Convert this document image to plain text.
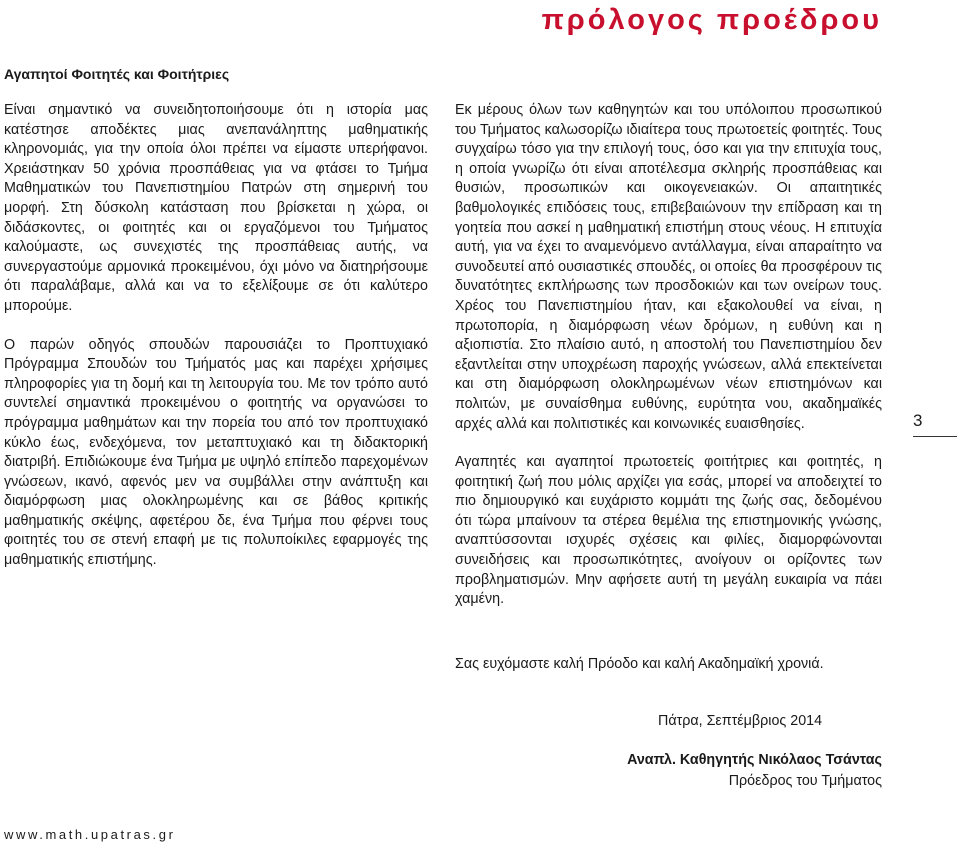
πρόλογος προέδρου

Αγαπητοί Φοιτητές και Φοιτήτριες

Είναι σημαντικό να συνειδητοποιήσουμε ότι η ιστορία μας κατέστησε αποδέκτες μιας ανεπανάληπτης μαθηματικής κληρονομιάς, για την οποία όλοι πρέπει να είμαστε υπερήφανοι. Χρειάστηκαν 50 χρόνια προσπάθειας για να φτάσει το Τμήμα Μαθηματικών του Πανεπιστημίου Πατρών στη σημερινή του μορφή. Στη δύσκολη κατάσταση που βρίσκεται η χώρα, οι διδάσκοντες, οι φοιτητές και οι εργαζόμενοι του Τμήματος καλούμαστε, ως συνεχιστές της προσπάθειας αυτής, να συνεργαστούμε αρμονικά προκειμένου, όχι μόνο να διατηρήσουμε ότι παραλάβαμε, αλλά και να το εξελίξουμε σε ότι καλύτερο μπορούμε.

Ο παρών οδηγός σπουδών παρουσιάζει το Προπτυχιακό Πρόγραμμα Σπουδών του Τμήματός μας και παρέχει χρήσιμες πληροφορίες για τη δομή και τη λειτουργία του. Με τον τρόπο αυτό συντελεί σημαντικά προκειμένου ο φοιτητής να οργανώσει το πρόγραμμα μαθημάτων και την πορεία του από τον προπτυχιακό κύκλο έως, ενδεχόμενα, τον μεταπτυχιακό και τη διδακτορική διατριβή. Επιδιώκουμε ένα Τμήμα με υψηλό επίπεδο παρεχομένων γνώσεων, ικανό, αφενός μεν να συμβάλλει στην ανάπτυξη και διαμόρφωση μιας ολοκληρωμένης και σε βάθος κριτικής μαθηματικής σκέψης, αφετέρου δε, ένα Τμήμα που φέρνει τους φοιτητές του σε στενή επαφή με τις πολυποίκιλες εφαρμογές της μαθηματικής επιστήμης.

Εκ μέρους όλων των καθηγητών και του υπόλοιπου προσωπικού του Τμήματος καλωσορίζω ιδιαίτερα τους πρωτοετείς φοιτητές. Τους συγχαίρω τόσο για την επιλογή τους, όσο και για την επιτυχία τους, η οποία γνωρίζω ότι είναι αποτέλεσμα σκληρής προσπάθειας και θυσιών, προσωπικών και οικογενειακών. Οι απαιτητικές βαθμολογικές επιδόσεις τους, επιβεβαιώνουν την επίδραση και τη γοητεία που ασκεί η μαθηματική επιστήμη στους νέους. Η επιτυχία αυτή, για να έχει το αναμενόμενο αντάλλαγμα, είναι απαραίτητο να συνοδευτεί από ουσιαστικές σπουδές, οι οποίες θα προσφέρουν τις δυνατότητες εκπλήρωσης των προσδοκιών και των ονείρων τους. Χρέος του Πανεπιστημίου ήταν, και εξακολουθεί να είναι, η πρωτοπορία, η διαμόρφωση νέων δρόμων, η ευθύνη και η αξιοπιστία. Στο πλαίσιο αυτό, η αποστολή του Πανεπιστημίου δεν εξαντλείται στην υποχρέωση παροχής γνώσεων, αλλά επεκτείνεται και στη διαμόρφωση ολοκληρωμένων νέων επιστημόνων και πολιτών, με συναίσθημα ευθύνης, ευρύτητα νου, ακαδημαϊκές αρχές αλλά και πολιτιστικές και κοινωνικές ευαισθησίες.

Αγαπητές και αγαπητοί πρωτοετείς φοιτήτριες και φοιτητές, η φοιτητική ζωή που μόλις αρχίζει για εσάς, μπορεί να αποδειχτεί το πιο δημιουργικό και ευχάριστο κομμάτι της ζωής σας, δεδομένου ότι τώρα μπαίνουν τα στέρεα θεμέλια της επιστημονικής γνώσης, αναπτύσσονται ισχυρές σχέσεις και φιλίες, διαμορφώνονται συνειδήσεις και προσωπικότητες, ανοίγουν οι ορίζοντες των προβληματισμών. Μην αφήσετε αυτή τη μεγάλη ευκαιρία να πάει χαμένη.

3

Σας ευχόμαστε καλή Πρόοδο και καλή Ακαδημαϊκή χρονιά.

Πάτρα, Σεπτέμβριος 2014

Αναπλ. Καθηγητής Νικόλαος Τσάντας
Πρόεδρος του Τμήματος

www.math.upatras.gr
